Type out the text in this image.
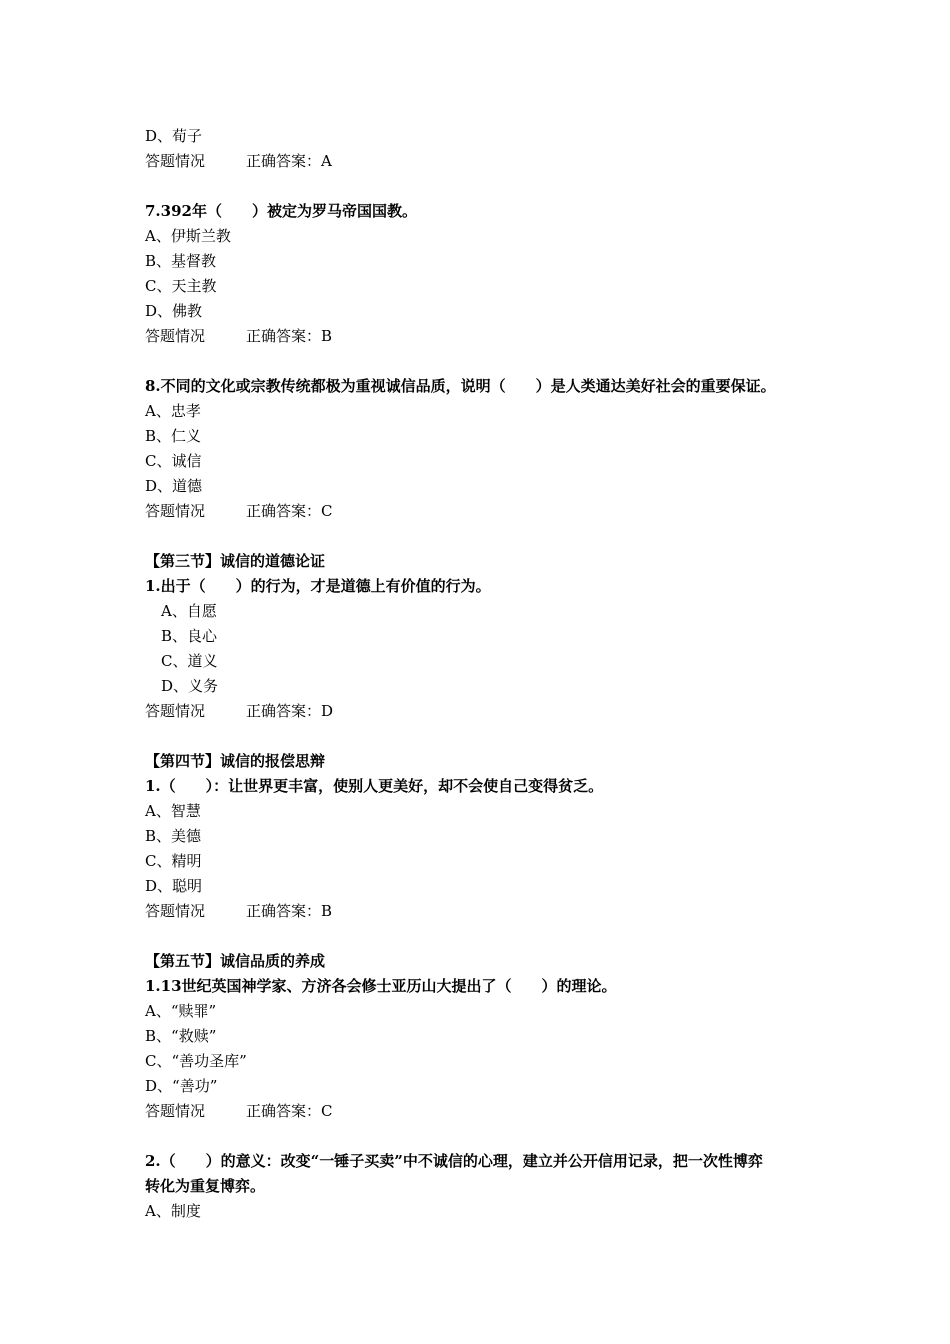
D、荀子
答题情况	正确答案：A
7.392年（　　）被定为罗马帝国国教。
A、伊斯兰教
B、基督教
C、天主教
D、佛教
答题情况	正确答案：B
8.不同的文化或宗教传统都极为重视诚信品质，说明（　　）是人类通达美好社会的重要保证。
A、忠孝
B、仁义
C、诚信
D、道德
答题情况	正确答案：C
【第三节】诚信的道德论证
1.出于（　　）的行为，才是道德上有价值的行为。
A、自愿
B、良心
C、道义
D、义务
答题情况	正确答案：D
【第四节】诚信的报偿思辩
1.（　　）：让世界更丰富，使别人更美好，却不会使自己变得贫乏。
A、智慧
B、美德
C、精明
D、聪明
答题情况	正确答案：B
【第五节】诚信品质的养成
1.13世纪英国神学家、方济各会修士亚历山大提出了（　　）的理论。
A、“赎罪”
B、“救赎”
C、“善功圣库”
D、“善功”
答题情况	正确答案：C
2.（　　）的意义：改变“一锤子买卖”中不诚信的心理，建立并公开信用记录，把一次性博弈
转化为重复博弈。
A、制度
